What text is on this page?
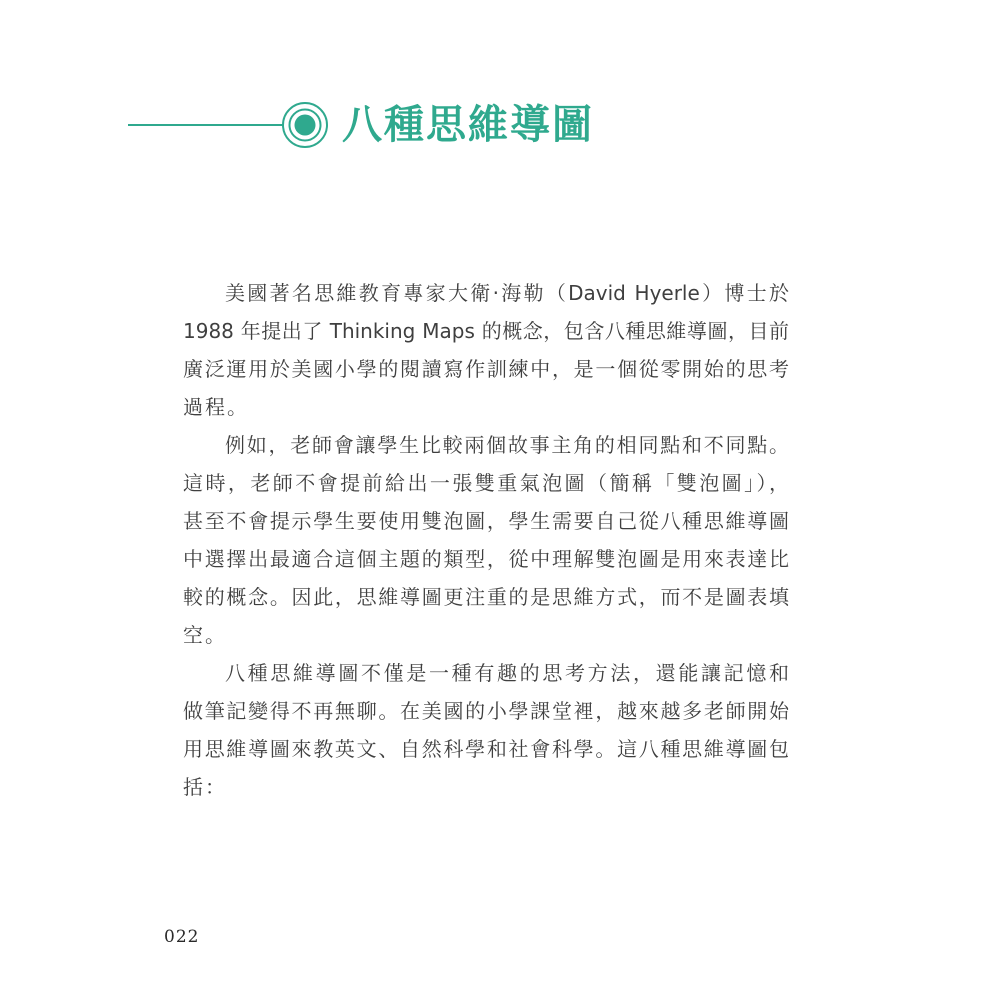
八種思維導圖
美國著名思維教育專家大衛·海勒（David Hyerle）博士於
1988 年提出了 Thinking Maps 的概念，包含八種思維導圖，目前
廣泛運用於美國小學的閱讀寫作訓練中，是一個從零開始的思考
過程。
例如，老師會讓學生比較兩個故事主角的相同點和不同點。
這時，老師不會提前給出一張雙重氣泡圖（簡稱「雙泡圖」），
甚至不會提示學生要使用雙泡圖，學生需要自己從八種思維導圖
中選擇出最適合這個主題的類型，從中理解雙泡圖是用來表達比
較的概念。因此，思維導圖更注重的是思維方式，而不是圖表填
空。
八種思維導圖不僅是一種有趣的思考方法，還能讓記憶和
做筆記變得不再無聊。在美國的小學課堂裡，越來越多老師開始
用思維導圖來教英文、自然科學和社會科學。這八種思維導圖包
括：
022
